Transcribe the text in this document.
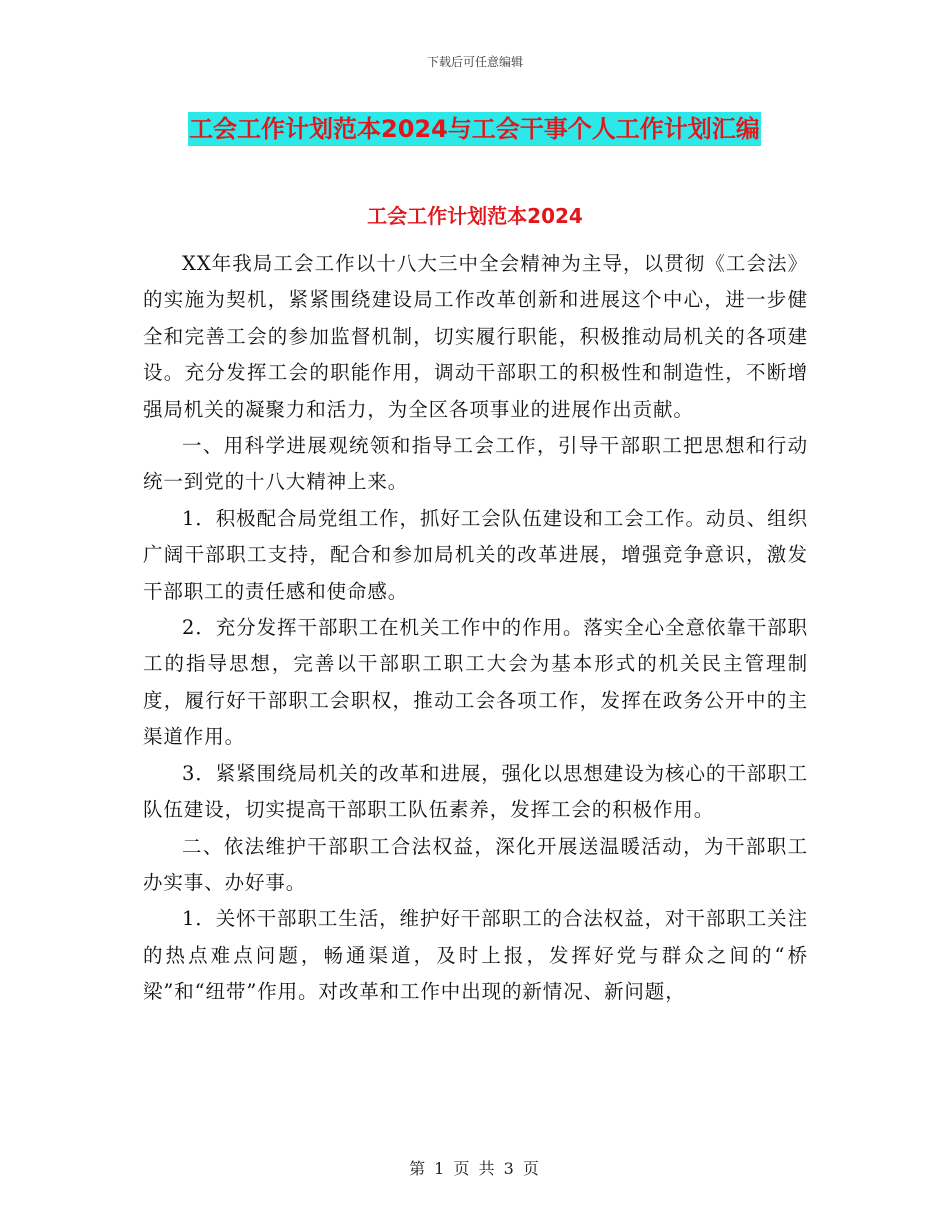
下载后可任意编辑
工会工作计划范本2024与工会干事个人工作计划汇编
工会工作计划范本2024

XX年我局工会工作以十八大三中全会精神为主导，以贯彻《工会法》的实施为契机，紧紧围绕建设局工作改革创新和进展这个中心，进一步健全和完善工会的参加监督机制，切实履行职能，积极推动局机关的各项建设。充分发挥工会的职能作用，调动干部职工的积极性和制造性，不断增强局机关的凝聚力和活力，为全区各项事业的进展作出贡献。

一、用科学进展观统领和指导工会工作，引导干部职工把思想和行动统一到党的十八大精神上来。

1．积极配合局党组工作，抓好工会队伍建设和工会工作。动员、组织广阔干部职工支持，配合和参加局机关的改革进展，增强竞争意识，激发干部职工的责任感和使命感。

2．充分发挥干部职工在机关工作中的作用。落实全心全意依靠干部职工的指导思想，完善以干部职工职工大会为基本形式的机关民主管理制度，履行好干部职工会职权，推动工会各项工作，发挥在政务公开中的主渠道作用。

3．紧紧围绕局机关的改革和进展，强化以思想建设为核心的干部职工队伍建设，切实提高干部职工队伍素养，发挥工会的积极作用。

二、依法维护干部职工合法权益，深化开展送温暖活动，为干部职工办实事、办好事。

1．关怀干部职工生活，维护好干部职工的合法权益，对干部职工关注的热点难点问题，畅通渠道，及时上报，发挥好党与群众之间的“桥梁”和“纽带”作用。对改革和工作中出现的新情况、新问题，

第 1 页 共 3 页
